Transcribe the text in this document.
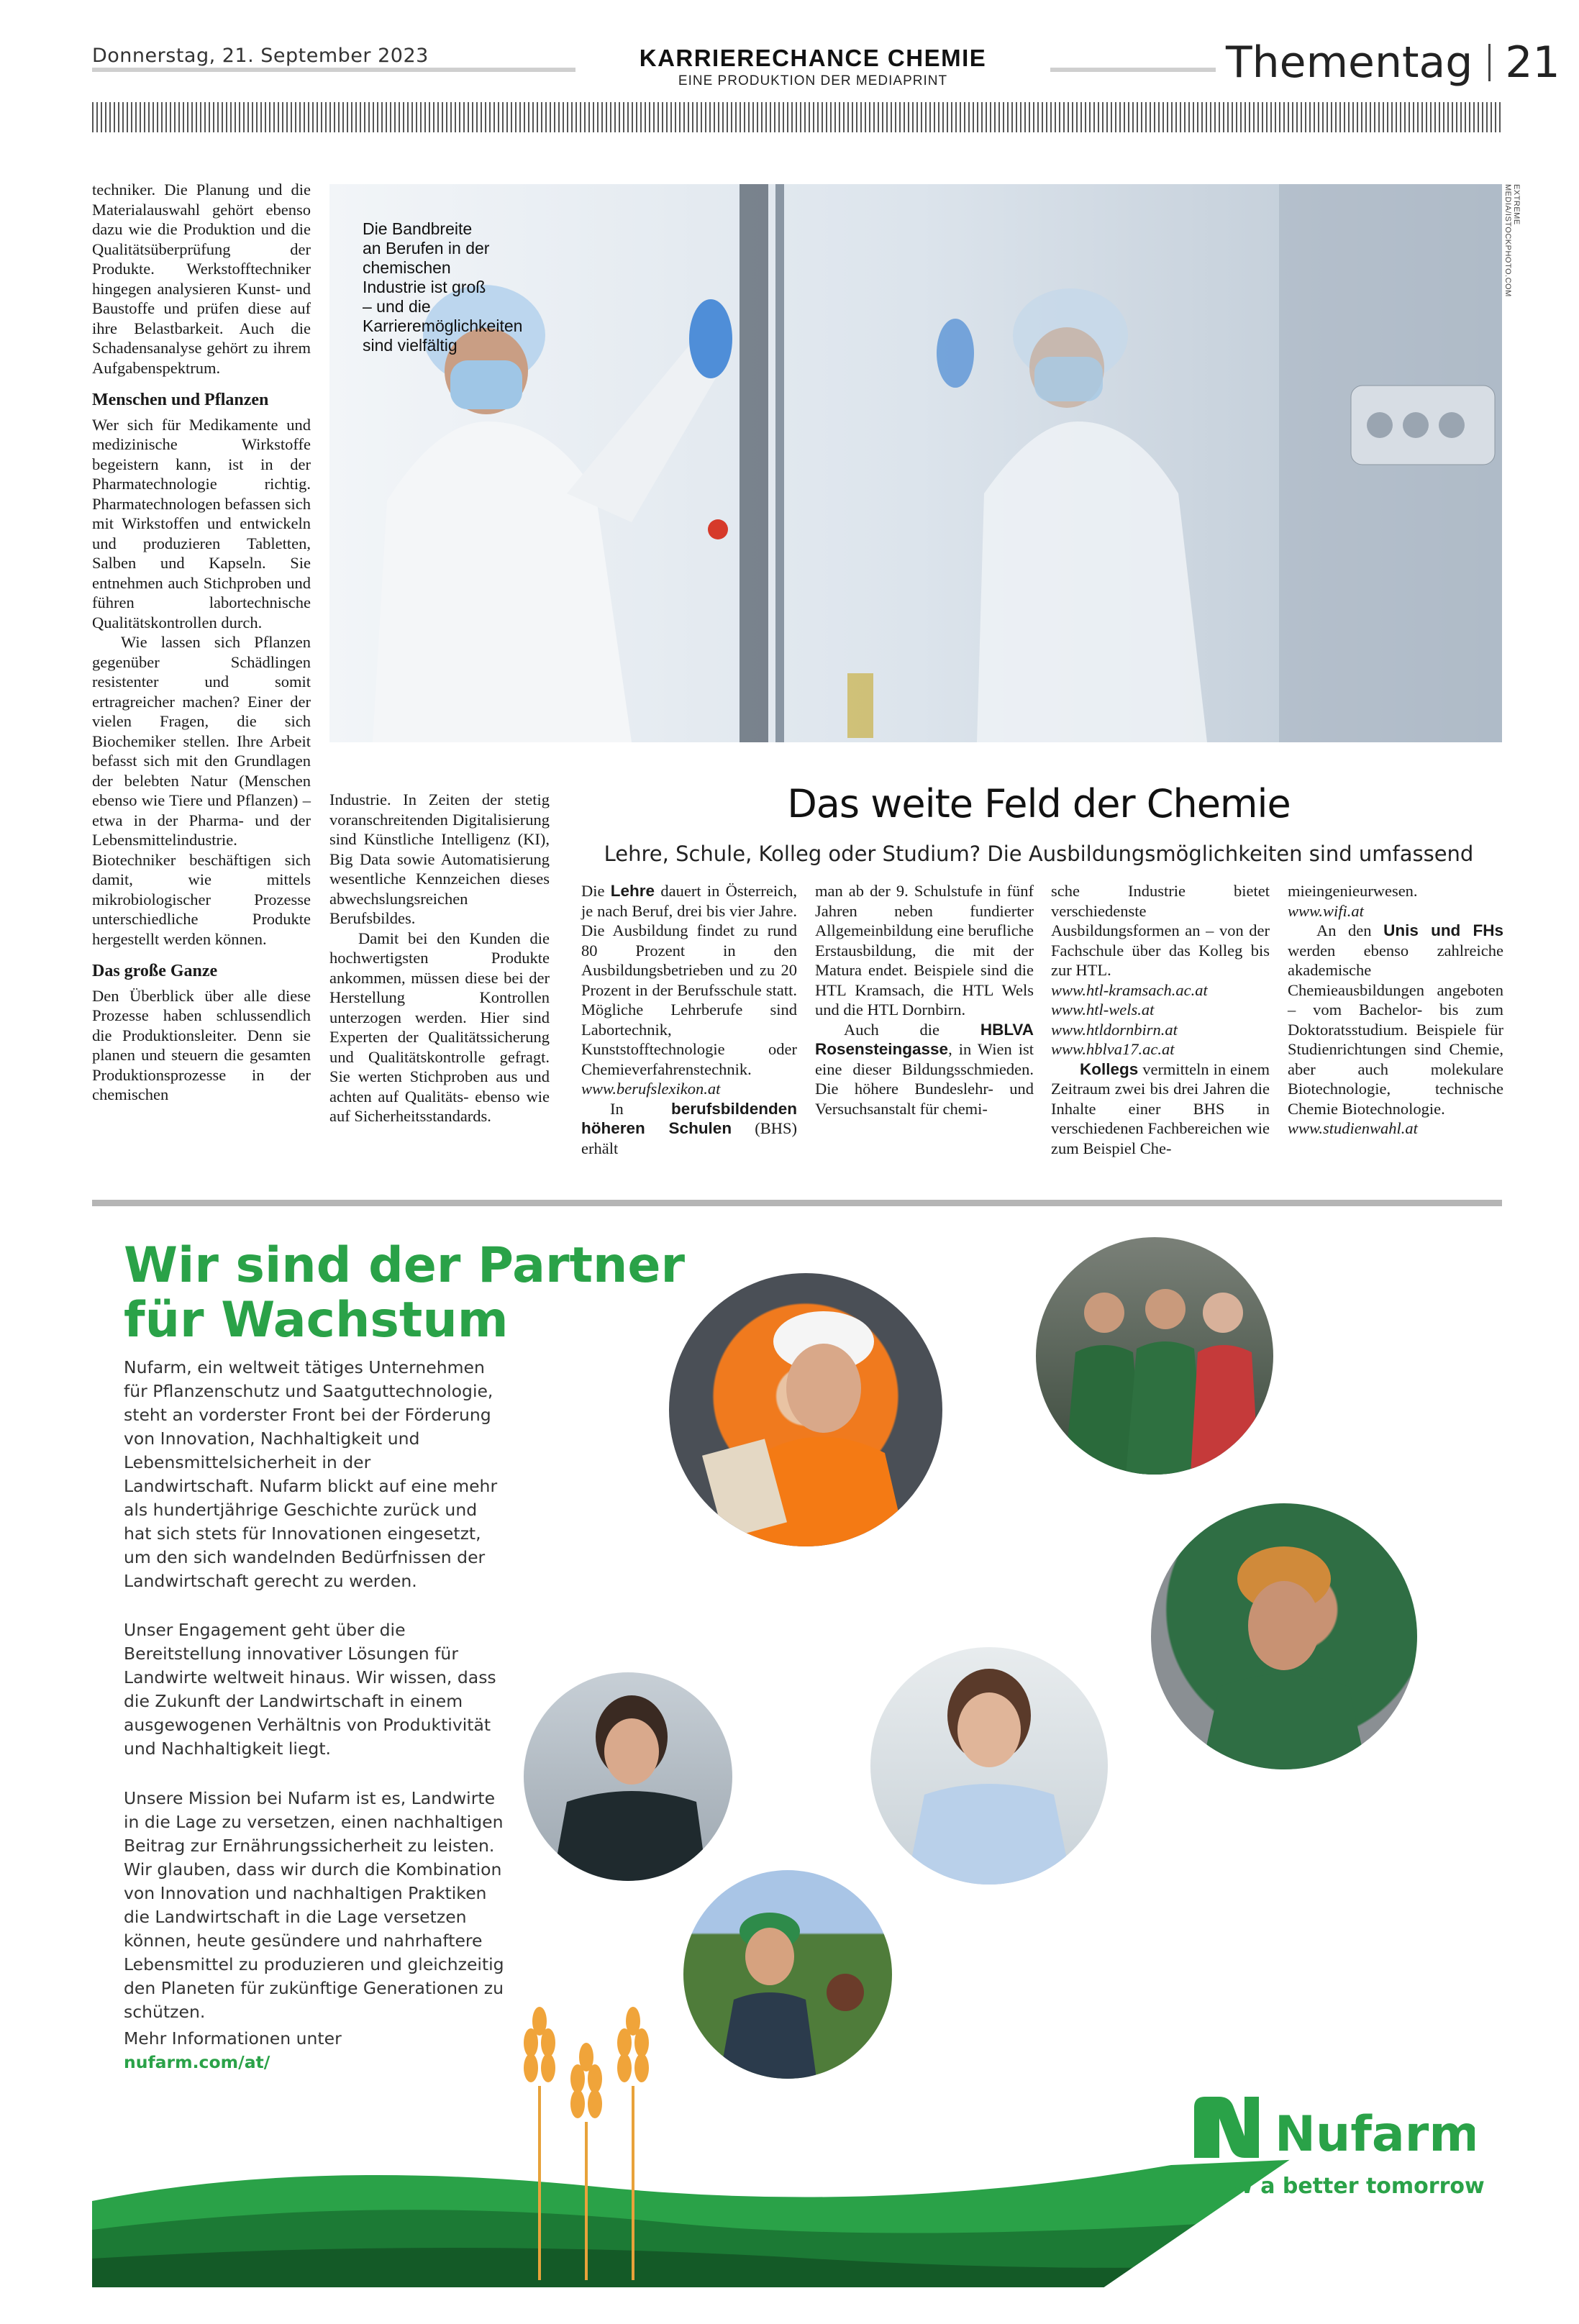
Donnerstag, 21. September 2023	KARRIERECHANCE CHEMIE
EINE PRODUKTION DER MEDIAPRINT	Thementag 21

techniker. Die Planung und die Materialauswahl gehört ebenso dazu wie die Produktion und die Qualitätsüberprüfung der Produkte. Werkstofftechniker hingegen analysieren Kunst- und Baustoffe und prüfen diese auf ihre Belastbarkeit. Auch die Schadensanalyse gehört zu ihrem Aufgabenspektrum.

Menschen und Pflanzen

Wer sich für Medikamente und medizinische Wirkstoffe begeistern kann, ist in der Pharmatechnologie richtig. Pharmatechnologen befassen sich mit Wirkstoffen und entwickeln und produzieren Tabletten, Salben und Kapseln. Sie entnehmen auch Stichproben und führen labortechnische Qualitätskontrollen durch.

Wie lassen sich Pflanzen gegenüber Schädlingen resistenter und somit ertragreicher machen? Einer der vielen Fragen, die sich Biochemiker stellen. Ihre Arbeit befasst sich mit den Grundlagen der belebten Natur (Menschen ebenso wie Tiere und Pflanzen) – etwa in der Pharma- und der Lebensmittelindustrie. Biotechniker beschäftigen sich damit, wie mittels mikrobiologischer Prozesse unterschiedliche Produkte hergestellt werden können.

Das große Ganze

Den Überblick über alle diese Prozesse haben schlussendlich die Produktionsleiter. Denn sie planen und steuern die gesamten Produktionsprozesse in der chemischen

EXTREME MEDIA/ISTOCKPHOTO.COM
Die Bandbreite an Berufen in der chemischen Industrie ist groß – und die Karrieremöglichkeiten sind vielfältig

Industrie. In Zeiten der stetig voranschreitenden Digitalisierung sind Künstliche Intelligenz (KI), Big Data sowie Automatisierung wesentliche Kennzeichen dieses abwechslungsreichen Berufsbildes.

Damit bei den Kunden die hochwertigsten Produkte ankommen, müssen diese bei der Herstellung Kontrollen unterzogen werden. Hier sind Experten der Qualitätssicherung und Qualitätskontrolle gefragt. Sie werten Stichproben aus und achten auf Qualitäts- ebenso wie auf Sicherheitsstandards.

Das weite Feld der Chemie
Lehre, Schule, Kolleg oder Studium? Die Ausbildungsmöglichkeiten sind umfassend

Die Lehre dauert in Österreich, je nach Beruf, drei bis vier Jahre. Die Ausbildung findet zu rund 80 Prozent in den Ausbildungsbetrieben und zu 20 Prozent in der Berufsschule statt. Mögliche Lehrberufe sind Labortechnik, Kunststofftechnologie oder Chemieverfahrenstechnik.

www.berufslexikon.at

In berufsbildenden höheren Schulen (BHS) erhält

man ab der 9. Schulstufe in fünf Jahren neben fundierter Allgemeinbildung eine berufliche Erstausbildung, die mit der Matura endet. Beispiele sind die HTL Kramsach, die HTL Wels und die HTL Dornbirn.

Auch die HBLVA Rosensteingasse, in Wien ist eine dieser Bildungsschmieden. Die höhere Bundeslehr- und Versuchsanstalt für chemi-

sche Industrie bietet verschiedenste Ausbildungsformen an – von der Fachschule über das Kolleg bis zur HTL.

www.htl-kramsach.ac.at

www.htl-wels.at

www.htldornbirn.at

www.hblva17.ac.at

Kollegs vermitteln in einem Zeitraum zwei bis drei Jahren die Inhalte einer BHS in verschiedenen Fachbereichen wie zum Beispiel Che-

mieingenieurwesen.

www.wifi.at

An den Unis und FHs werden ebenso zahlreiche akademische Chemieausbildungen angeboten – vom Bachelor- bis zum Doktoratsstudium. Beispiele für Studienrichtungen sind Chemie, aber auch molekulare Biotechnologie, technische Chemie Biotechnologie.

www.studienwahl.at

Wir sind der Partner
für Wachstum
Nufarm, ein weltweit tätiges Unternehmen für Pflanzenschutz und Saatguttechnologie, steht an vorderster Front bei der Förderung von Innovation, Nachhaltigkeit und Lebensmittelsicherheit in der Landwirtschaft. Nufarm blickt auf eine mehr als hundertjährige Geschichte zurück und hat sich stets für Innovationen eingesetzt, um den sich wandelnden Bedürfnissen der Landwirtschaft gerecht zu werden.
Unser Engagement geht über die Bereitstellung innovativer Lösungen für Landwirte weltweit hinaus. Wir wissen, dass die Zukunft der Landwirtschaft in einem ausgewogenen Verhältnis von Produktivität und Nachhaltigkeit liegt.
Unsere Mission bei Nufarm ist es, Landwirte in die Lage zu versetzen, einen nachhaltigen Beitrag zur Ernährungssicherheit zu leisten. Wir glauben, dass wir durch die Kombination von Innovation und nachhaltigen Praktiken die Landwirtschaft in die Lage versetzen können, heute gesündere und nahrhaftere Lebensmittel zu produzieren und gleichzeitig den Planeten für zukünftige Generationen zu schützen.
Mehr Informationen unter
nufarm.com/at/
Nufarm
Grow a better tomorrow
